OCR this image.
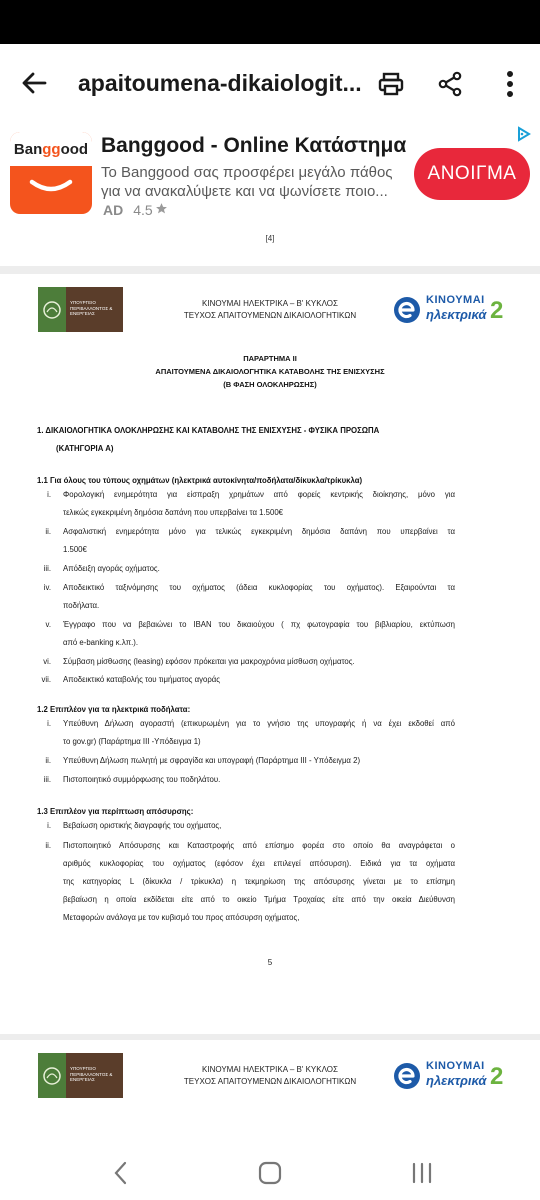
apaitoumena-dikaiologit...
Ban gg ood Banggood - Online Κατάστημα
Το Banggood σας προσφέρει μεγάλο πάθος για να ανακαλύψετε και να ψωνίσετε ποιο...
AD 4.5
ΑΝΟΙΓΜΑ
[4]
ΥΠΟΥΡΓΕΙΟ ΠΕΡΙΒΑΛΛΟΝΤΟΣ & ΕΝΕΡΓΕΙΑΣ
ΚΙΝΟΥΜΑΙ ΗΛΕΚΤΡΙΚΑ – Β' ΚΥΚΛΟΣ
ΤΕΥΧΟΣ ΑΠΑΙΤΟΥΜΕΝΩΝ ΔΙΚΑΙΟΛΟΓΗΤΙΚΩΝ
ΚΙΝΟΥΜΑΙ
ηλεκτρικά 2
ΠΑΡΑΡΤΗΜΑ ΙΙ
ΑΠΑΙΤΟΥΜΕΝΑ ΔΙΚΑΙΟΛΟΓΗΤΙΚΑ ΚΑΤΑΒΟΛΗΣ ΤΗΣ ΕΝΙΣΧΥΣΗΣ
(Β ΦΑΣΗ ΟΛΟΚΛΗΡΩΣΗΣ)
1. ΔΙΚΑΙΟΛΟΓΗΤΙΚΑ ΟΛΟΚΛΗΡΩΣΗΣ ΚΑΙ ΚΑΤΑΒΟΛΗΣ ΤΗΣ ΕΝΙΣΧΥΣΗΣ - ΦΥΣΙΚΑ ΠΡΟΣΩΠΑ
(ΚΑΤΗΓΟΡΙΑ Α)
1.1 Για όλους του τύπους οχημάτων (ηλεκτρικά αυτοκίνητα/ποδήλατα/δίκυκλα/τρίκυκλα)
1.2 Επιπλέον για τα ηλεκτρικά ποδήλατα:
1.3 Επιπλέον για περίπτωση απόσυρσης:
5
i. Φορολογική ενημερότητα για είσπραξη χρημάτων από φορείς κεντρικής διοίκησης, μόνο για
τελικώς εγκεκριμένη δημόσια δαπάνη που υπερβαίνει τα 1.500€
ii. Ασφαλιστική ενημερότητα μόνο για τελικώς εγκεκριμένη δημόσια δαπάνη που υπερβαίνει τα
1.500€
iii. Απόδειξη αγοράς οχήματος.
iv. Αποδεικτικό ταξινόμησης του οχήματος (άδεια κυκλοφορίας του οχήματος). Εξαιρούνται τα
ποδήλατα.
v. Έγγραφο που να βεβαιώνει το IBAN του δικαιούχου ( πχ φωτογραφία του βιβλιαρίου, εκτύπωση
από e-banking κ.λπ.).
vi. Σύμβαση μίσθωσης (leasing) εφόσον πρόκειται για μακροχρόνια μίσθωση οχήματος.
vii. Αποδεικτικό καταβολής του τιμήματος αγοράς
i. Υπεύθυνη Δήλωση αγοραστή (επικυρωμένη για το γνήσιο της υπογραφής ή να έχει εκδοθεί από
το gov.gr) (Παράρτημα ΙΙΙ -Υπόδειγμα 1)
ii. Υπεύθυνη Δήλωση πωλητή με σφραγίδα και υπογραφή (Παράρτημα ΙΙΙ - Υπόδειγμα 2)
iii. Πιστοποιητικό συμμόρφωσης του ποδηλάτου.
i. Βεβαίωση οριστικής διαγραφής του οχήματος,
ii. Πιστοποιητικό Απόσυρσης και Καταστροφής από επίσημο φορέα στο οποίο θα αναγράφεται ο
αριθμός κυκλοφορίας του οχήματος (εφόσον έχει επιλεγεί απόσυρση). Ειδικά για τα οχήματα
της κατηγορίας L (δίκυκλα / τρίκυκλα) η τεκμηρίωση της απόσυρσης γίνεται με το επίσημη
βεβαίωση η οποία εκδίδεται είτε από το οικείο Τμήμα Τροχαίας είτε από την οικεία Διεύθυνση
Μεταφορών ανάλογα με τον κυβισμό του προς απόσυρση οχήματος,
ΥΠΟΥΡΓΕΙΟ ΠΕΡΙΒΑΛΛΟΝΤΟΣ & ΕΝΕΡΓΕΙΑΣ
ΚΙΝΟΥΜΑΙ ΗΛΕΚΤΡΙΚΑ – Β' ΚΥΚΛΟΣ
ΤΕΥΧΟΣ ΑΠΑΙΤΟΥΜΕΝΩΝ ΔΙΚΑΙΟΛΟΓΗΤΙΚΩΝ
ΚΙΝΟΥΜΑΙ
ηλεκτρικά 2
